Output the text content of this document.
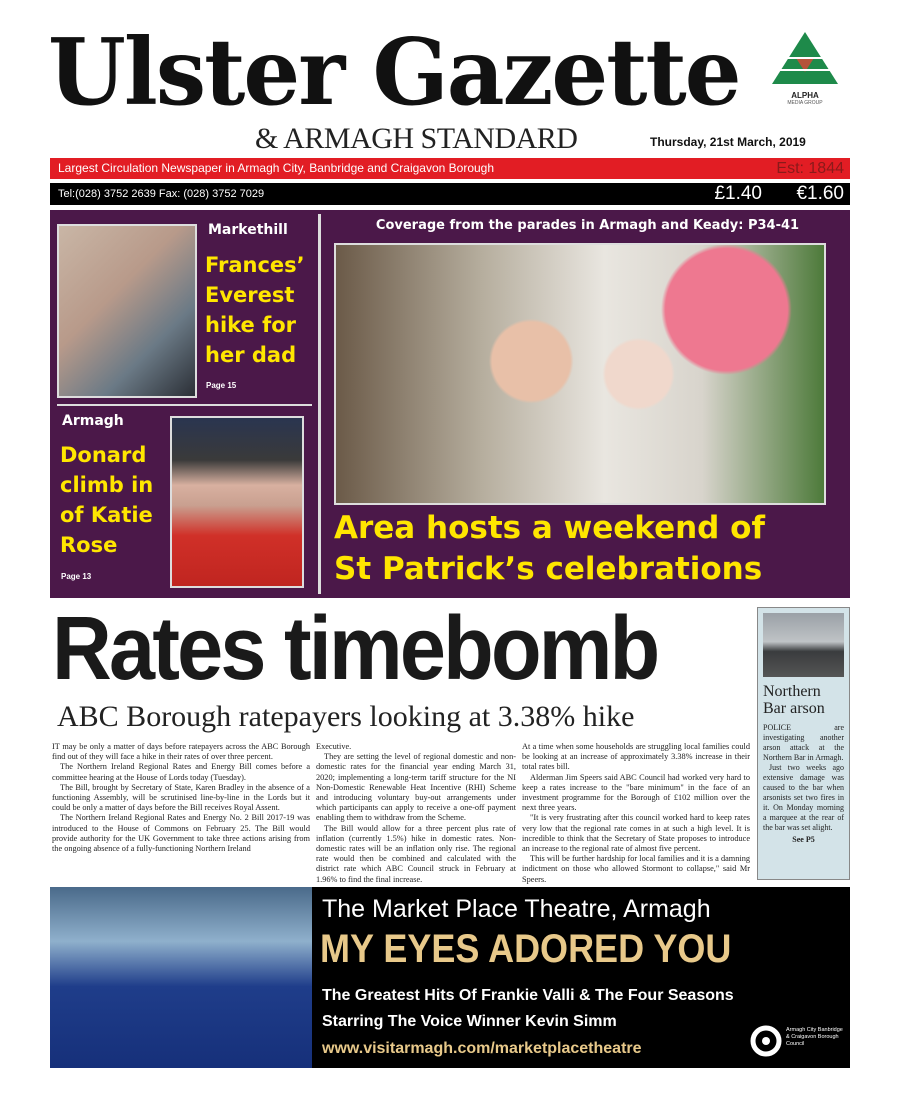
Ulster Gazette
& ARMAGH STANDARD	Thursday, 21st March, 2019
ALPHA
MEDIA GROUP
Largest Circulation Newspaper in Armagh City, Banbridge and Craigavon Borough	Est: 1844
Tel:(028) 3752 2639 Fax: (028) 3752 7029	£1.40 €1.60
Markethill
Frances’
Everest
hike for
her dad
Page 15
Armagh
Donard
climb in
of Katie
Rose
Page 13
Coverage from the parades in Armagh and Keady: P34-41
Area hosts a weekend of
St Patrick’s celebrations
Rates timebomb
ABC Borough ratepayers looking at 3.38% hike

IT may be only a matter of days before ratepayers across the ABC Borough find out of they will face a hike in their rates of over three percent.

The Northern Ireland Regional Rates and Energy Bill comes before a committee hearing at the House of Lords today (Tuesday).

The Bill, brought by Secretary of State, Karen Bradley in the absence of a functioning Assembly, will be scrutinised line-by-line in the Lords but it could be only a matter of days before the Bill receives Royal Assent.

The Northern Ireland Regional Rates and Energy No. 2 Bill 2017-19 was introduced to the House of Commons on February 25. The Bill would provide authority for the UK Government to take three actions arising from the ongoing absence of a fully-functioning Northern Ireland

Executive.

They are setting the level of regional domestic and non-domestic rates for the financial year ending March 31, 2020; implementing a long-term tariff structure for the NI Non-Domestic Renewable Heat Incentive (RHI) Scheme and introducing voluntary buy-out arrangements under which participants can apply to receive a one-off payment enabling them to withdraw from the Scheme.

The Bill would allow for a three percent plus rate of inflation (currently 1.5%) hike in domestic rates. Non-domestic rates will be an inflation only rise. The regional rate would then be combined and calculated with the district rate which ABC Council struck in February at 1.96% to find the final increase.

At a time when some households are struggling local families could be looking at an increase of approximately 3.38% increase in their total rates bill.

Alderman Jim Speers said ABC Council had worked very hard to keep a rates increase to the "bare minimum" in the face of an investment programme for the Borough of £102 million over the next three years.

"It is very frustrating after this council worked hard to keep rates very low that the regional rate comes in at such a high level. It is incredible to think that the Secretary of State proposes to introduce an increase to the regional rate of almost five percent.

This will be further hardship for local families and it is a damning indictment on those who allowed Stormont to collapse," said Mr Speers.

Northern Bar arson

POLICE are investigating another arson attack at the Northern Bar in Armagh.

Just two weeks ago extensive damage was caused to the bar when arsonists set two fires in it. On Monday morning a marquee at the rear of the bar was set alight.

See P5

The Market Place Theatre, Armagh
MY EYES ADORED YOU
The Greatest Hits Of Frankie Valli & The Four Seasons
Starring The Voice Winner Kevin Simm
www.visitarmagh.com/marketplacetheatre
Armagh City Banbridge & Craigavon Borough Council
